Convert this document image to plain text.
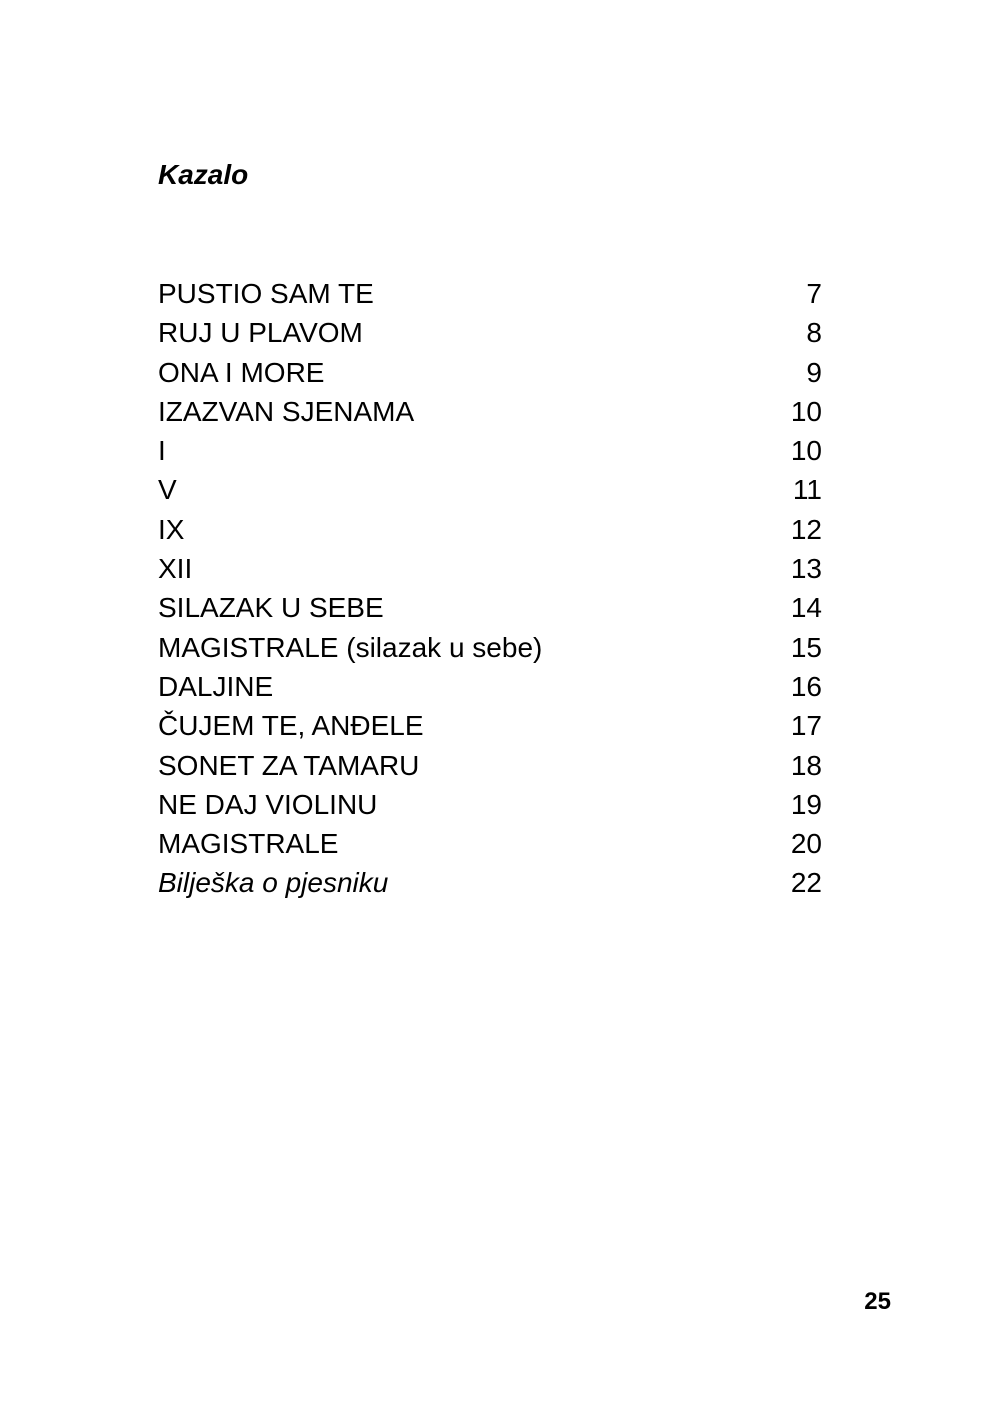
Kazalo
PUSTIO SAM TE	7
RUJ U PLAVOM	8
ONA I MORE	9
IZAZVAN SJENAMA	10
I	10
V	11
IX	12
XII	13
SILAZAK U SEBE	14
MAGISTRALE (silazak u sebe)	15
DALJINE	16
ČUJEM TE, ANĐELE	17
SONET ZA TAMARU	18
NE DAJ VIOLINU	19
MAGISTRALE	20
Bilješka o pjesniku	22
25
